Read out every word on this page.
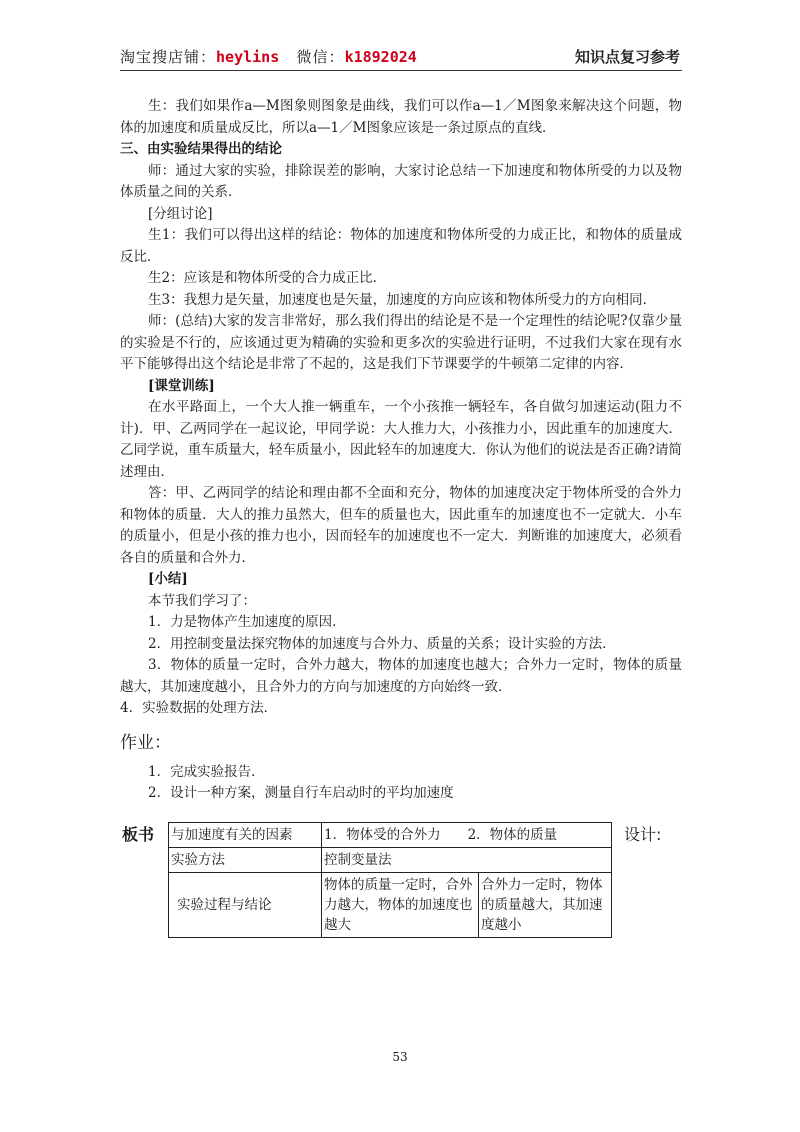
淘宝搜店铺：heylins 微信：k1892024	知识点复习参考

生：我们如果作a—M图象则图象是曲线，我们可以作a—1／M图象来解决这个问题，物体的加速度和质量成反比，所以a—1／M图象应该是一条过原点的直线．

三、由实验结果得出的结论

师：通过大家的实验，排除误差的影响，大家讨论总结一下加速度和物体所受的力以及物体质量之间的关系．

[分组讨论]

生1：我们可以得出这样的结论：物体的加速度和物体所受的力成正比，和物体的质量成反比．

生2：应该是和物体所受的合力成正比．

生3：我想力是矢量，加速度也是矢量，加速度的方向应该和物体所受力的方向相同．

师：(总结)大家的发言非常好，那么我们得出的结论是不是一个定理性的结论呢?仅靠少量的实验是不行的，应该通过更为精确的实验和更多次的实验进行证明，不过我们大家在现有水平下能够得出这个结论是非常了不起的，这是我们下节课要学的牛顿第二定律的内容．

[课堂训练]

在水平路面上，一个大人推一辆重车，一个小孩推一辆轻车，各自做匀加速运动(阻力不计)．甲、乙两同学在一起议论，甲同学说：大人推力大，小孩推力小，因此重车的加速度大．乙同学说，重车质量大，轻车质量小，因此轻车的加速度大．你认为他们的说法是否正确?请简述理由．

答：甲、乙两同学的结论和理由都不全面和充分，物体的加速度决定于物体所受的合外力和物体的质量．大人的推力虽然大，但车的质量也大，因此重车的加速度也不一定就大．小车的质量小，但是小孩的推力也小，因而轻车的加速度也不一定大．判断谁的加速度大，必须看各自的质量和合外力．

[小结]

本节我们学习了：

1．力是物体产生加速度的原因．

2．用控制变量法探究物体的加速度与合外力、质量的关系；设计实验的方法．

3．物体的质量一定时，合外力越大，物体的加速度也越大；合外力一定时，物体的质量越大，其加速度越小，且合外力的方向与加速度的方向始终一致．

4．实验数据的处理方法．

作业：

1．完成实验报告．

2．设计一种方案，测量自行车启动时的平均加速度

板书 与加速度有关的因素	1．物体受的合外力　　2．物体的质量	
实验方法	控制变量法	
实验过程与结论	物体的质量一定时，合外力越大，物体的加速度也越大	合外力一定时，物体的质量越大，其加速度越小
设计:
53
